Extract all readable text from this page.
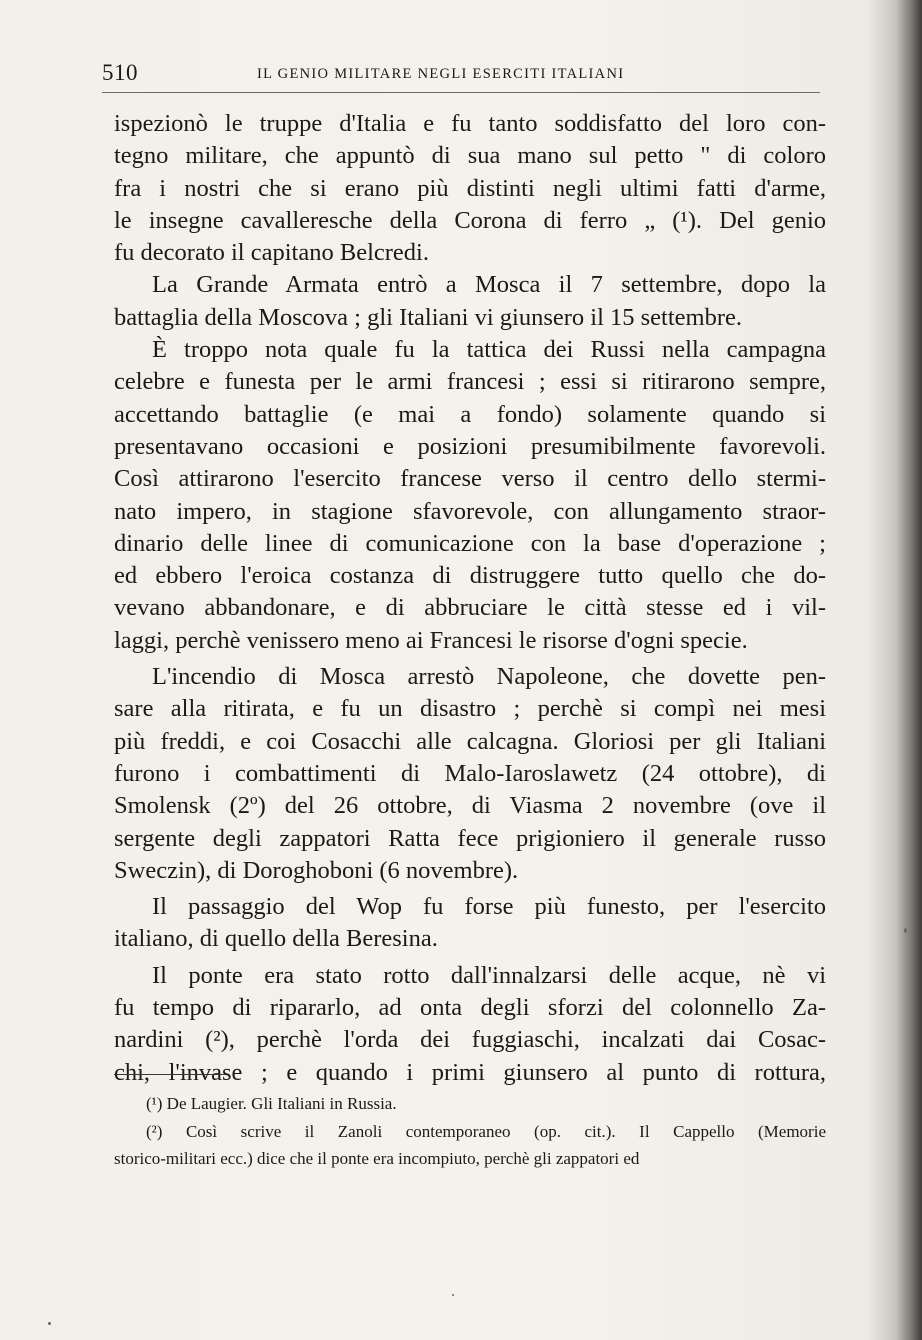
510	IL GENIO MILITARE NEGLI ESERCITI ITALIANI
ispezionò le truppe d'Italia e fu tanto soddisfatto del loro con-
tegno militare, che appuntò di sua mano sul petto " di coloro
fra i nostri che si erano più distinti negli ultimi fatti d'arme,
le insegne cavalleresche della Corona di ferro „ (¹). Del genio
fu decorato il capitano Belcredi.
La Grande Armata entrò a Mosca il 7 settembre, dopo la
battaglia della Moscova ; gli Italiani vi giunsero il 15 settembre.
È troppo nota quale fu la tattica dei Russi nella campagna
celebre e funesta per le armi francesi ; essi si ritirarono sempre,
accettando battaglie (e mai a fondo) solamente quando si
presentavano occasioni e posizioni presumibilmente favorevoli.
Così attirarono l'esercito francese verso il centro dello stermi-
nato impero, in stagione sfavorevole, con allungamento straor-
dinario delle linee di comunicazione con la base d'operazione ;
ed ebbero l'eroica costanza di distruggere tutto quello che do-
vevano abbandonare, e di abbruciare le città stesse ed i vil-
laggi, perchè venissero meno ai Francesi le risorse d'ogni specie.
L'incendio di Mosca arrestò Napoleone, che dovette pen-
sare alla ritirata, e fu un disastro ; perchè si compì nei mesi
più freddi, e coi Cosacchi alle calcagna. Gloriosi per gli Italiani
furono i combattimenti di Malo-Iaroslawetz (24 ottobre), di
Smolensk (2º) del 26 ottobre, di Viasma 2 novembre (ove il
sergente degli zappatori Ratta fece prigioniero il generale russo
Sweczin), di Doroghoboni (6 novembre).
Il passaggio del Wop fu forse più funesto, per l'esercito
italiano, di quello della Beresina.
Il ponte era stato rotto dall'innalzarsi delle acque, nè vi
fu tempo di ripararlo, ad onta degli sforzi del colonnello Za-
nardini (²), perchè l'orda dei fuggiaschi, incalzati dai Cosac-
chi, l'invase ; e quando i primi giunsero al punto di rottura,
(¹) De Laugier. Gli Italiani in Russia.
(²) Così scrive il Zanoli contemporaneo (op. cit.). Il Cappello (Memorie
storico-militari ecc.) dice che il ponte era incompiuto, perchè gli zappatori ed
